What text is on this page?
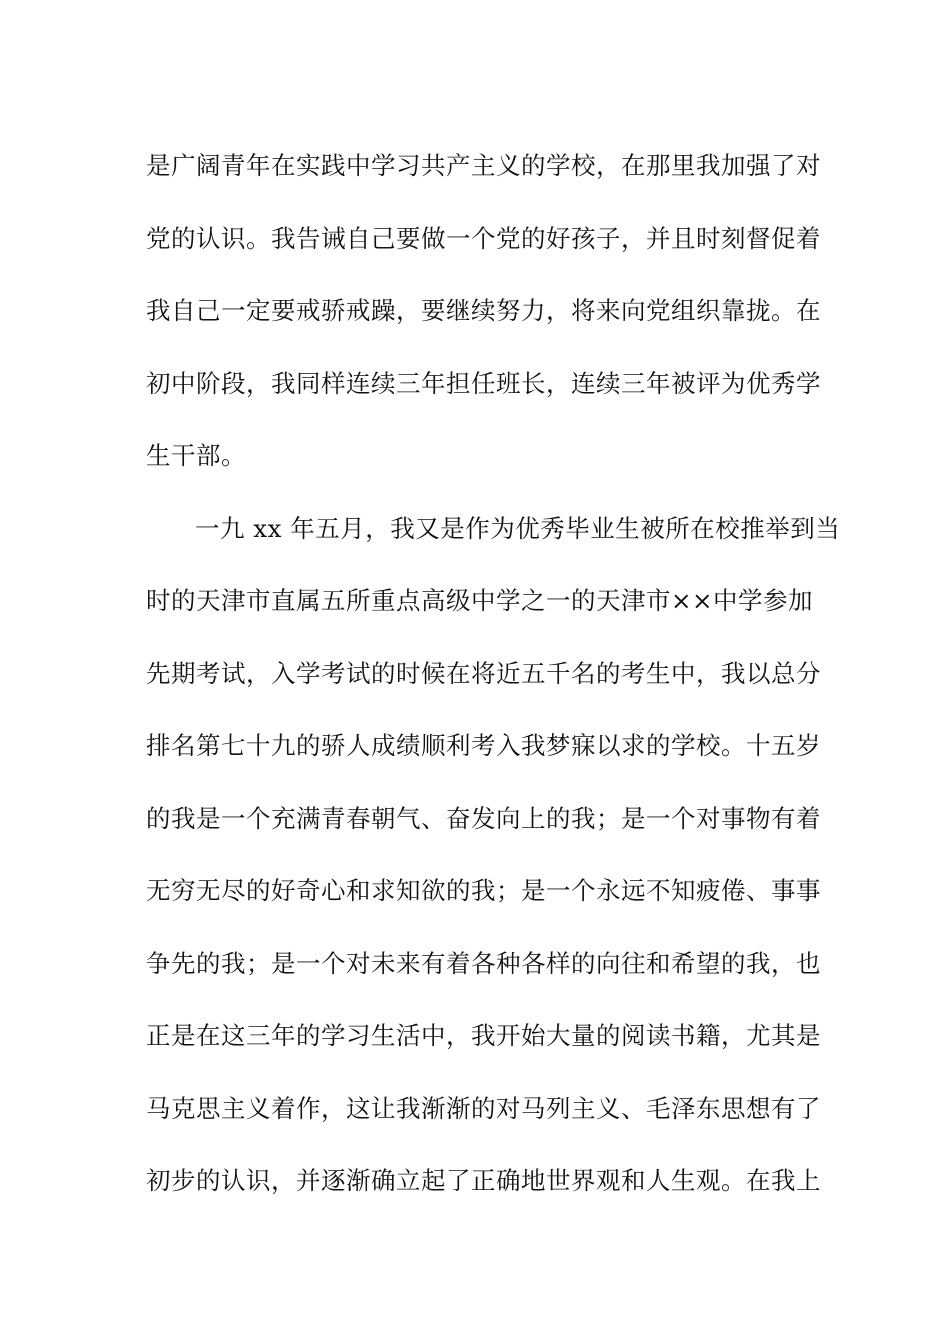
是广阔青年在实践中学习共产主义的学校，在那里我加强了对
党的认识。我告诫自己要做一个党的好孩子，并且时刻督促着
我自己一定要戒骄戒躁，要继续努力，将来向党组织靠拢。在
初中阶段，我同样连续三年担任班长，连续三年被评为优秀学
生干部。

一九 xx 年五月，我又是作为优秀毕业生被所在校推举到当
时的天津市直属五所重点高级中学之一的天津市××中学参加
先期考试，入学考试的时候在将近五千名的考生中，我以总分
排名第七十九的骄人成绩顺利考入我梦寐以求的学校。十五岁
的我是一个充满青春朝气、奋发向上的我；是一个对事物有着
无穷无尽的好奇心和求知欲的我；是一个永远不知疲倦、事事
争先的我；是一个对未来有着各种各样的向往和希望的我，也
正是在这三年的学习生活中，我开始大量的阅读书籍，尤其是
马克思主义着作，这让我渐渐的对马列主义、毛泽东思想有了
初步的认识，并逐渐确立起了正确地世界观和人生观。在我上
